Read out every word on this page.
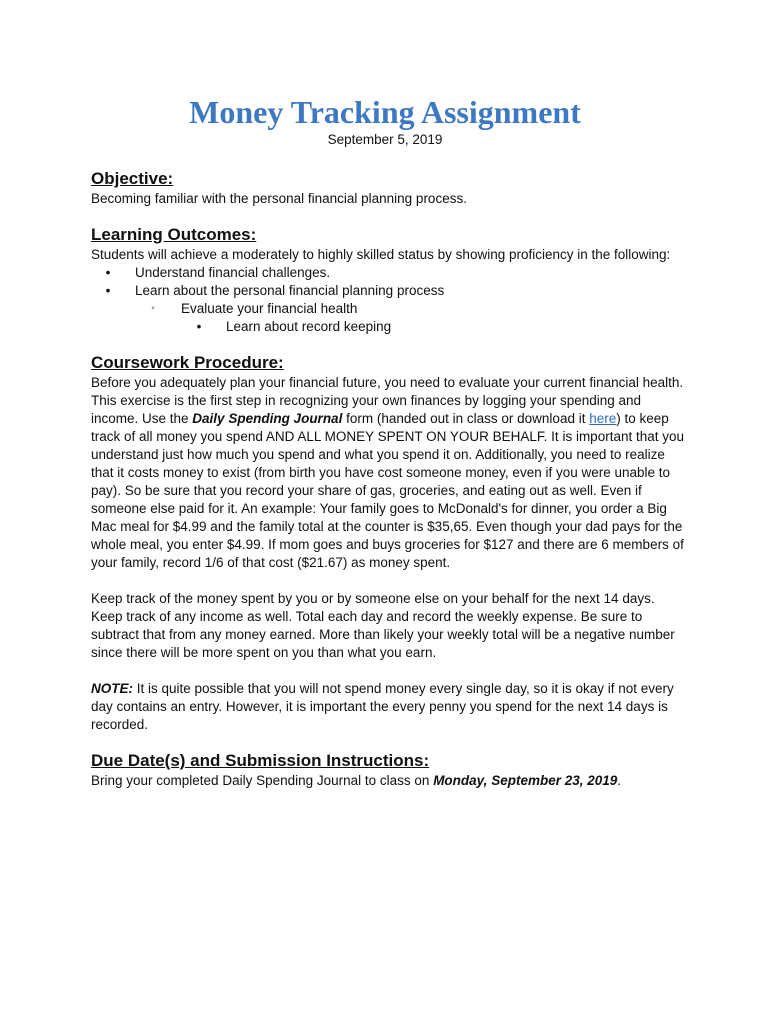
Money Tracking Assignment
September 5, 2019
Objective:

Becoming familiar with the personal financial planning process.

Learning Outcomes:

Students will achieve a moderately to highly skilled status by showing proficiency in the following:

•	Understand financial challenges.
•	Learn about the personal financial planning process
◦	Evaluate your financial health
•	Learn about record keeping
Coursework Procedure:

Before you adequately plan your financial future, you need to evaluate your current financial health. This exercise is the first step in recognizing your own finances by logging your spending and income. Use the Daily Spending Journal form (handed out in class or download it here) to keep track of all money you spend AND ALL MONEY SPENT ON YOUR BEHALF. It is important that you understand just how much you spend and what you spend it on. Additionally, you need to realize that it costs money to exist (from birth you have cost someone money, even if you were unable to pay). So be sure that you record your share of gas, groceries, and eating out as well. Even if someone else paid for it. An example: Your family goes to McDonald's for dinner, you order a Big Mac meal for $4.99 and the family total at the counter is $35,65. Even though your dad pays for the whole meal, you enter $4.99. If mom goes and buys groceries for $127 and there are 6 members of your family, record 1/6 of that cost ($21.67) as money spent.

Keep track of the money spent by you or by someone else on your behalf for the next 14 days. Keep track of any income as well. Total each day and record the weekly expense. Be sure to subtract that from any money earned. More than likely your weekly total will be a negative number since there will be more spent on you than what you earn.

NOTE: It is quite possible that you will not spend money every single day, so it is okay if not every day contains an entry. However, it is important the every penny you spend for the next 14 days is recorded.

Due Date(s) and Submission Instructions:

Bring your completed Daily Spending Journal to class on Monday, September 23, 2019.
